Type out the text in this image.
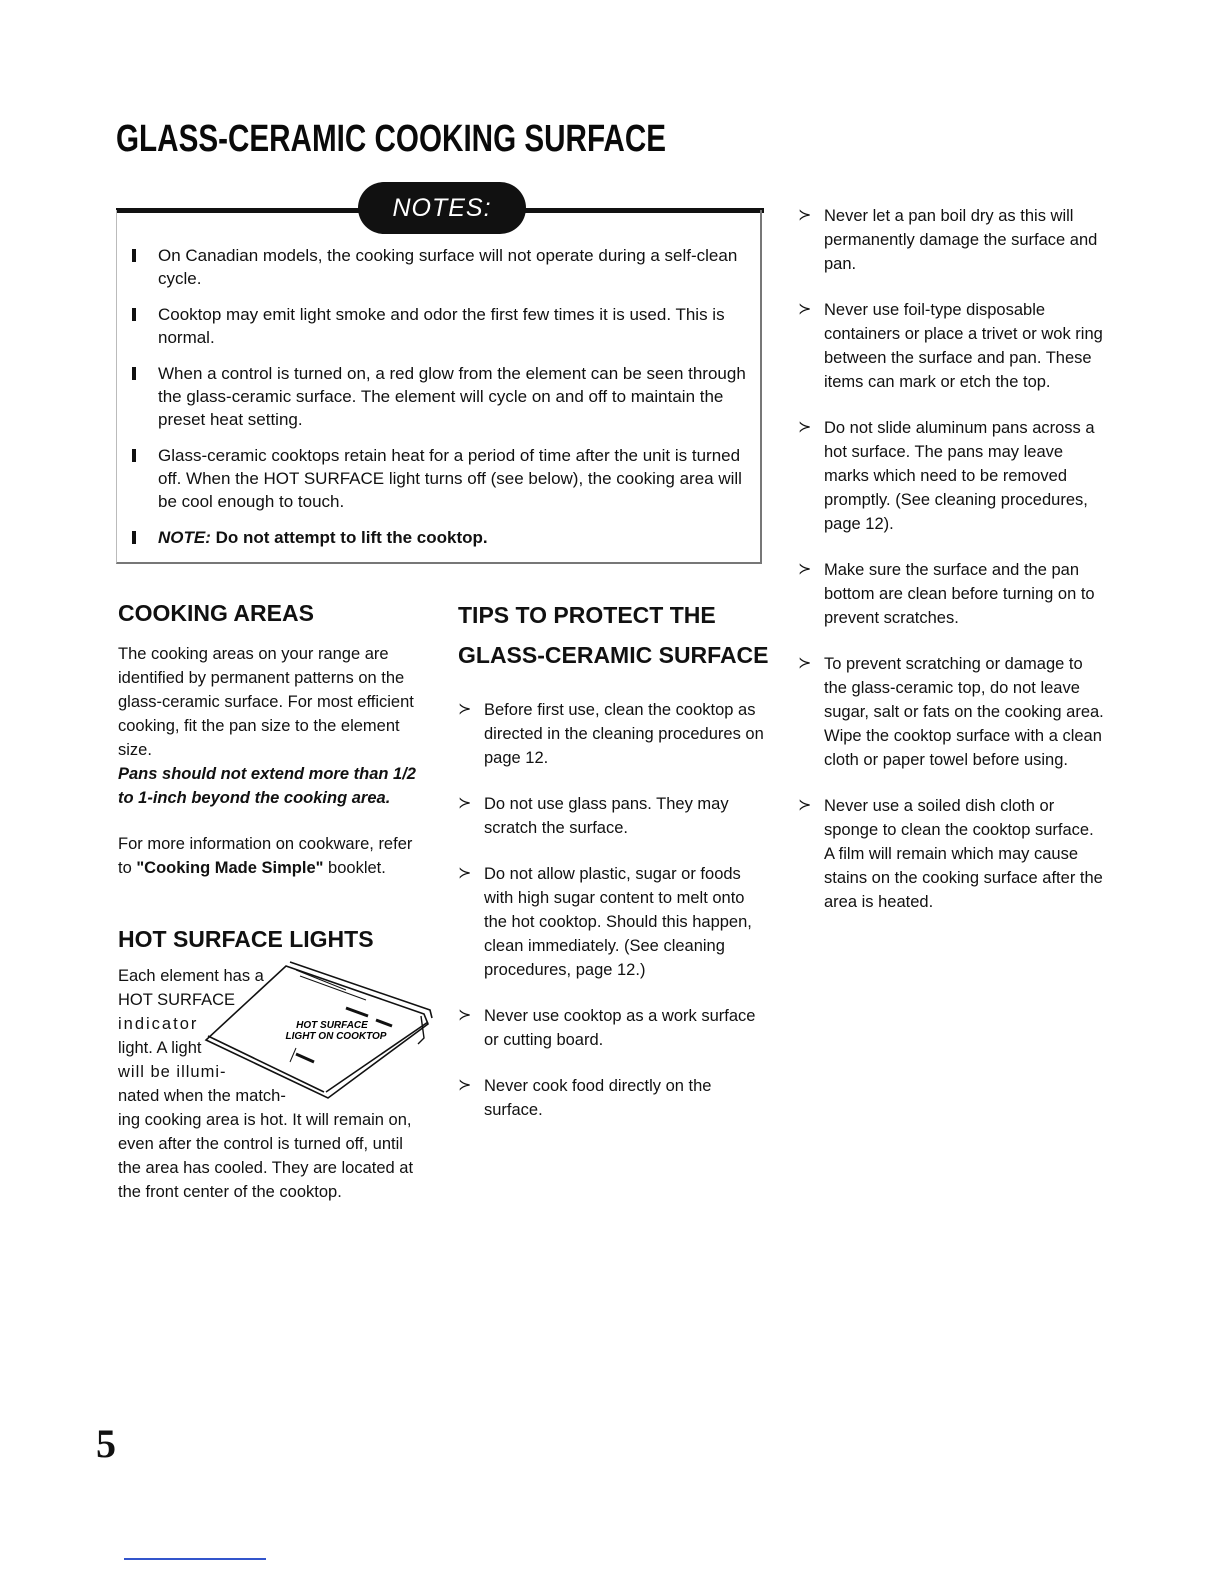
GLASS-CERAMIC COOKING SURFACE
NOTES:
On Canadian models, the cooking surface will not operate during a self-clean cycle.
Cooktop may emit light smoke and odor the first few times it is used. This is normal.
When a control is turned on, a red glow from the element can be seen through the glass-ceramic surface. The element will cycle on and off to maintain the preset heat setting.
Glass-ceramic cooktops retain heat for a period of time after the unit is turned off. When the HOT SURFACE light turns off (see below), the cooking area will be cool enough to touch.
NOTE: Do not attempt to lift the cooktop.
COOKING AREAS

The cooking areas on your range are identified by permanent patterns on the glass-ceramic surface. For most efficient cooking, fit the pan size to the element size.

Pans should not extend more than 1/2 to 1-inch beyond the cooking area.

For more information on cookware, refer to "Cooking Made Simple" booklet.

HOT SURFACE LIGHTS
Each element has a
HOT SURFACE
indicator
light. A light
will be illumi-
nated when the match-

ing cooking area is hot. It will remain on, even after the control is turned off, until the area has cooled. They are located at the front center of the cooktop.

HOT SURFACE
LIGHT ON COOKTOP
TIPS TO PROTECT THE
GLASS-CERAMIC SURFACE
≻ Before first use, clean the cooktop as directed in the cleaning procedures on page 12.
≻ Do not use glass pans. They may scratch the surface.
≻ Do not allow plastic, sugar or foods with high sugar content to melt onto the hot cooktop. Should this happen, clean immediately. (See cleaning procedures, page 12.)
≻ Never use cooktop as a work surface or cutting board.
≻ Never cook food directly on the surface.
≻ Never let a pan boil dry as this will permanently damage the surface and pan.
≻ Never use foil-type disposable containers or place a trivet or wok ring between the surface and pan. These items can mark or etch the top.
≻ Do not slide aluminum pans across a hot surface. The pans may leave marks which need to be removed promptly. (See cleaning procedures, page 12).
≻ Make sure the surface and the pan bottom are clean before turning on to prevent scratches.
≻ To prevent scratching or damage to the glass-ceramic top, do not leave sugar, salt or fats on the cooking area. Wipe the cooktop surface with a clean cloth or paper towel before using.
≻ Never use a soiled dish cloth or sponge to clean the cooktop surface. A film will remain which may cause stains on the cooking surface after the area is heated.
5
